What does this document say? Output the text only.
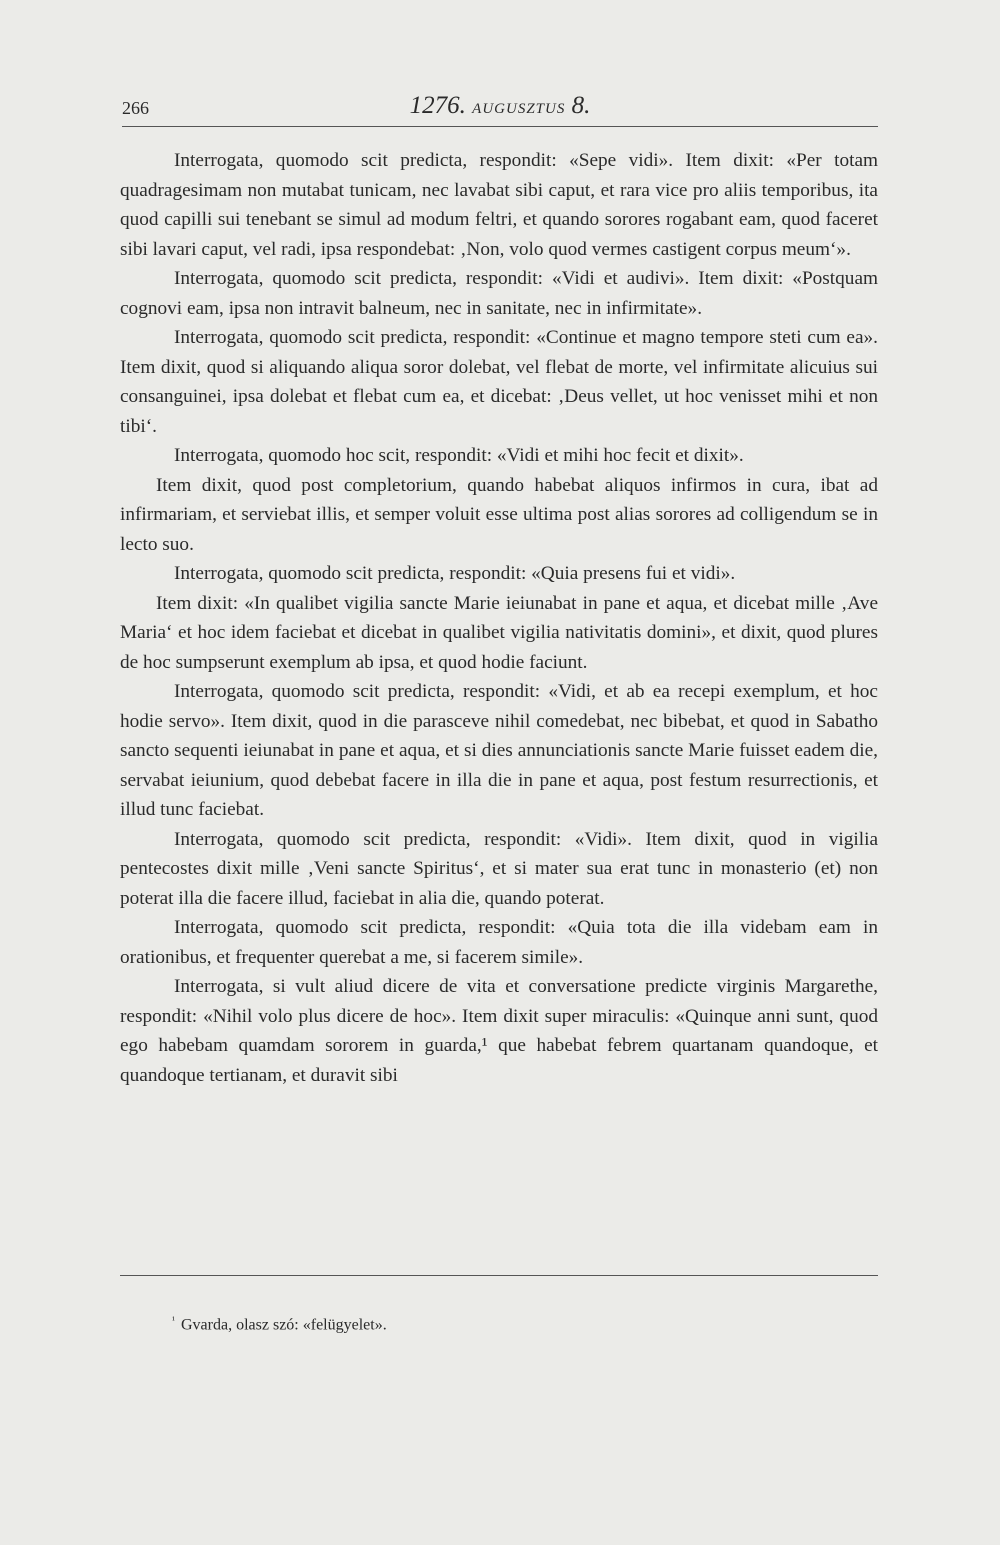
266	1276. AUGUSZTUS 8.

Interrogata, quomodo scit predicta, respondit: «Sepe vidi». Item dixit: «Per totam quadragesimam non mutabat tunicam, nec lavabat sibi caput, et rara vice pro aliis temporibus, ita quod capilli sui tenebant se simul ad modum feltri, et quando sorores rogabant eam, quod faceret sibi lavari caput, vel radi, ipsa respondebat: ‚Non, volo quod vermes castigent corpus meum‘».

Interrogata, quomodo scit predicta, respondit: «Vidi et audivi». Item dixit: «Postquam cognovi eam, ipsa non intravit balneum, nec in sanitate, nec in infirmitate».

Interrogata, quomodo scit predicta, respondit: «Continue et magno tempore steti cum ea». Item dixit, quod si aliquando aliqua soror dolebat, vel flebat de morte, vel infirmitate alicuius sui consanguinei, ipsa dolebat et flebat cum ea, et dicebat: ‚Deus vellet, ut hoc venisset mihi et non tibi‘.

Interrogata, quomodo hoc scit, respondit: «Vidi et mihi hoc fecit et dixit».

Item dixit, quod post completorium, quando habebat aliquos infirmos in cura, ibat ad infirmariam, et serviebat illis, et semper voluit esse ultima post alias sorores ad colligendum se in lecto suo.

Interrogata, quomodo scit predicta, respondit: «Quia presens fui et vidi».

Item dixit: «In qualibet vigilia sancte Marie ieiunabat in pane et aqua, et dicebat mille ‚Ave Maria‘ et hoc idem faciebat et dicebat in qualibet vigilia nativitatis domini», et dixit, quod plures de hoc sumpserunt exemplum ab ipsa, et quod hodie faciunt.

Interrogata, quomodo scit predicta, respondit: «Vidi, et ab ea recepi exemplum, et hoc hodie servo». Item dixit, quod in die parasceve nihil comedebat, nec bibebat, et quod in Sabatho sancto sequenti ieiunabat in pane et aqua, et si dies annunciationis sancte Marie fuisset eadem die, servabat ieiunium, quod debebat facere in illa die in pane et aqua, post festum resurrectionis, et illud tunc faciebat.

Interrogata, quomodo scit predicta, respondit: «Vidi». Item dixit, quod in vigilia pentecostes dixit mille ‚Veni sancte Spiritus‘, et si mater sua erat tunc in monasterio (et) non poterat illa die facere illud, faciebat in alia die, quando poterat.

Interrogata, quomodo scit predicta, respondit: «Quia tota die illa videbam eam in orationibus, et frequenter querebat a me, si facerem simile».

Interrogata, si vult aliud dicere de vita et conversatione predicte virginis Margarethe, respondit: «Nihil volo plus dicere de hoc». Item dixit super miraculis: «Quinque anni sunt, quod ego habebam quamdam sororem in guarda,¹ que habebat febrem quartanam quandoque, et quandoque tertianam, et duravit sibi

$^{^1}$ Gvarda, olasz szó: «felügyelet».
